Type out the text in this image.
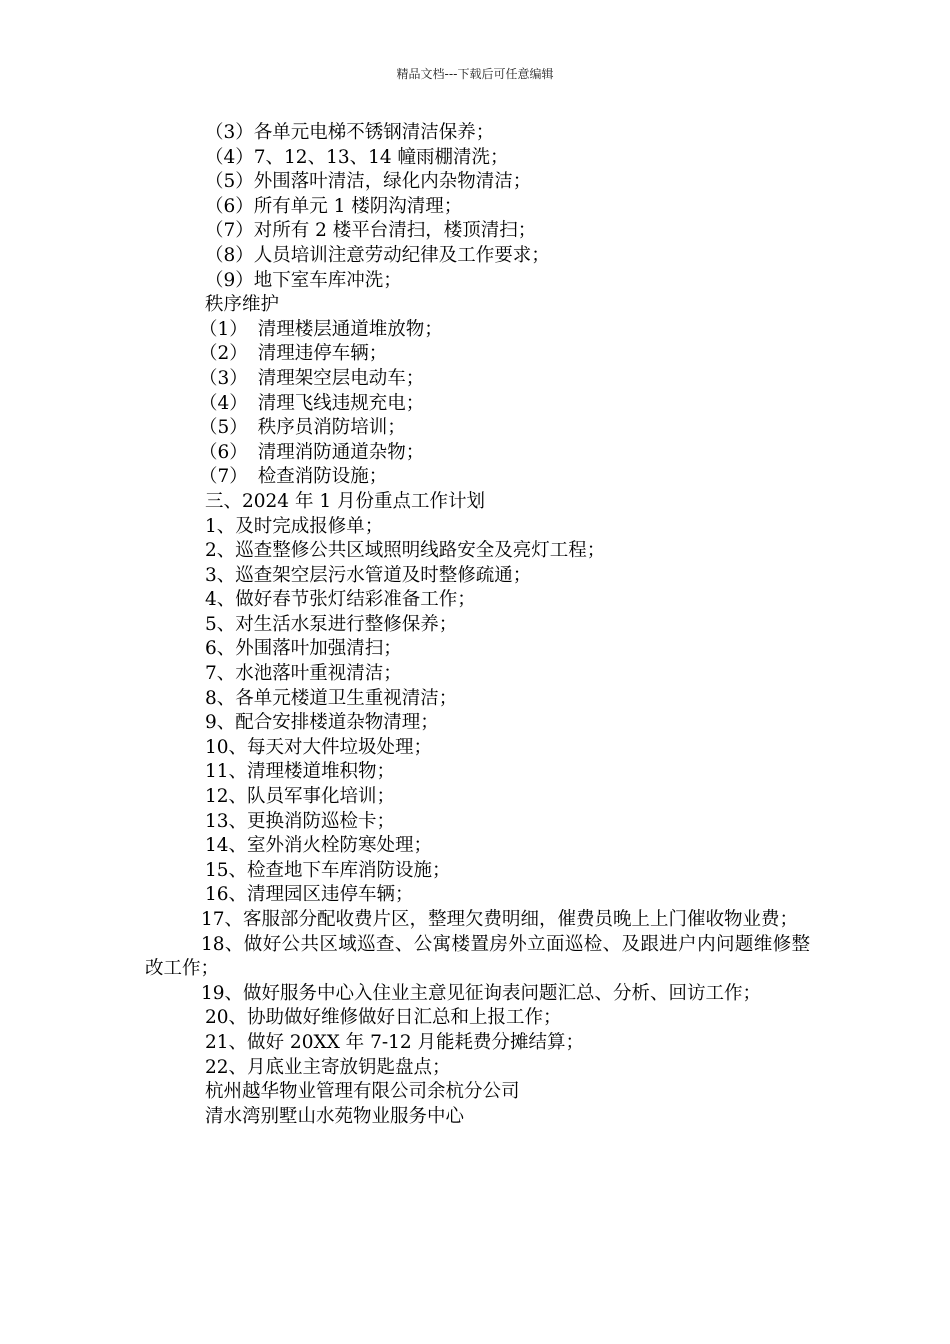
精品文档---下载后可任意编辑
（3）各单元电梯不锈钢清洁保养；
（4）7、12、13、14 幢雨棚清洗；
（5）外围落叶清洁，绿化内杂物清洁；
（6）所有单元 1 楼阴沟清理；
（7）对所有 2 楼平台清扫，楼顶清扫；
（8）人员培训注意劳动纪律及工作要求；
（9）地下室车库冲洗；
秩序维护
（1） 清理楼层通道堆放物；
（2） 清理违停车辆；
（3） 清理架空层电动车；
（4） 清理飞线违规充电；
（5） 秩序员消防培训；
（6） 清理消防通道杂物；
（7） 检查消防设施；
三、2024 年 1 月份重点工作计划
1、及时完成报修单；
2、巡查整修公共区域照明线路安全及亮灯工程；
3、巡查架空层污水管道及时整修疏通；
4、做好春节张灯结彩准备工作；
5、对生活水泵进行整修保养；
6、外围落叶加强清扫；
7、水池落叶重视清洁；
8、各单元楼道卫生重视清洁；
9、配合安排楼道杂物清理；
10、每天对大件垃圾处理；
11、清理楼道堆积物；
12、队员军事化培训；
13、更换消防巡检卡；
14、室外消火栓防寒处理；
15、检查地下车库消防设施；
16、清理园区违停车辆；
17、客服部分配收费片区，整理欠费明细，催费员晚上上门催收物业费；
18、做好公共区域巡查、公寓楼置房外立面巡检、及跟进户内问题维修整改工作；
19、做好服务中心入住业主意见征询表问题汇总、分析、回访工作；
20、协助做好维修做好日汇总和上报工作；
21、做好 20XX 年 7-12 月能耗费分摊结算；
22、月底业主寄放钥匙盘点；
杭州越华物业管理有限公司余杭分公司
清水湾别墅山水苑物业服务中心
